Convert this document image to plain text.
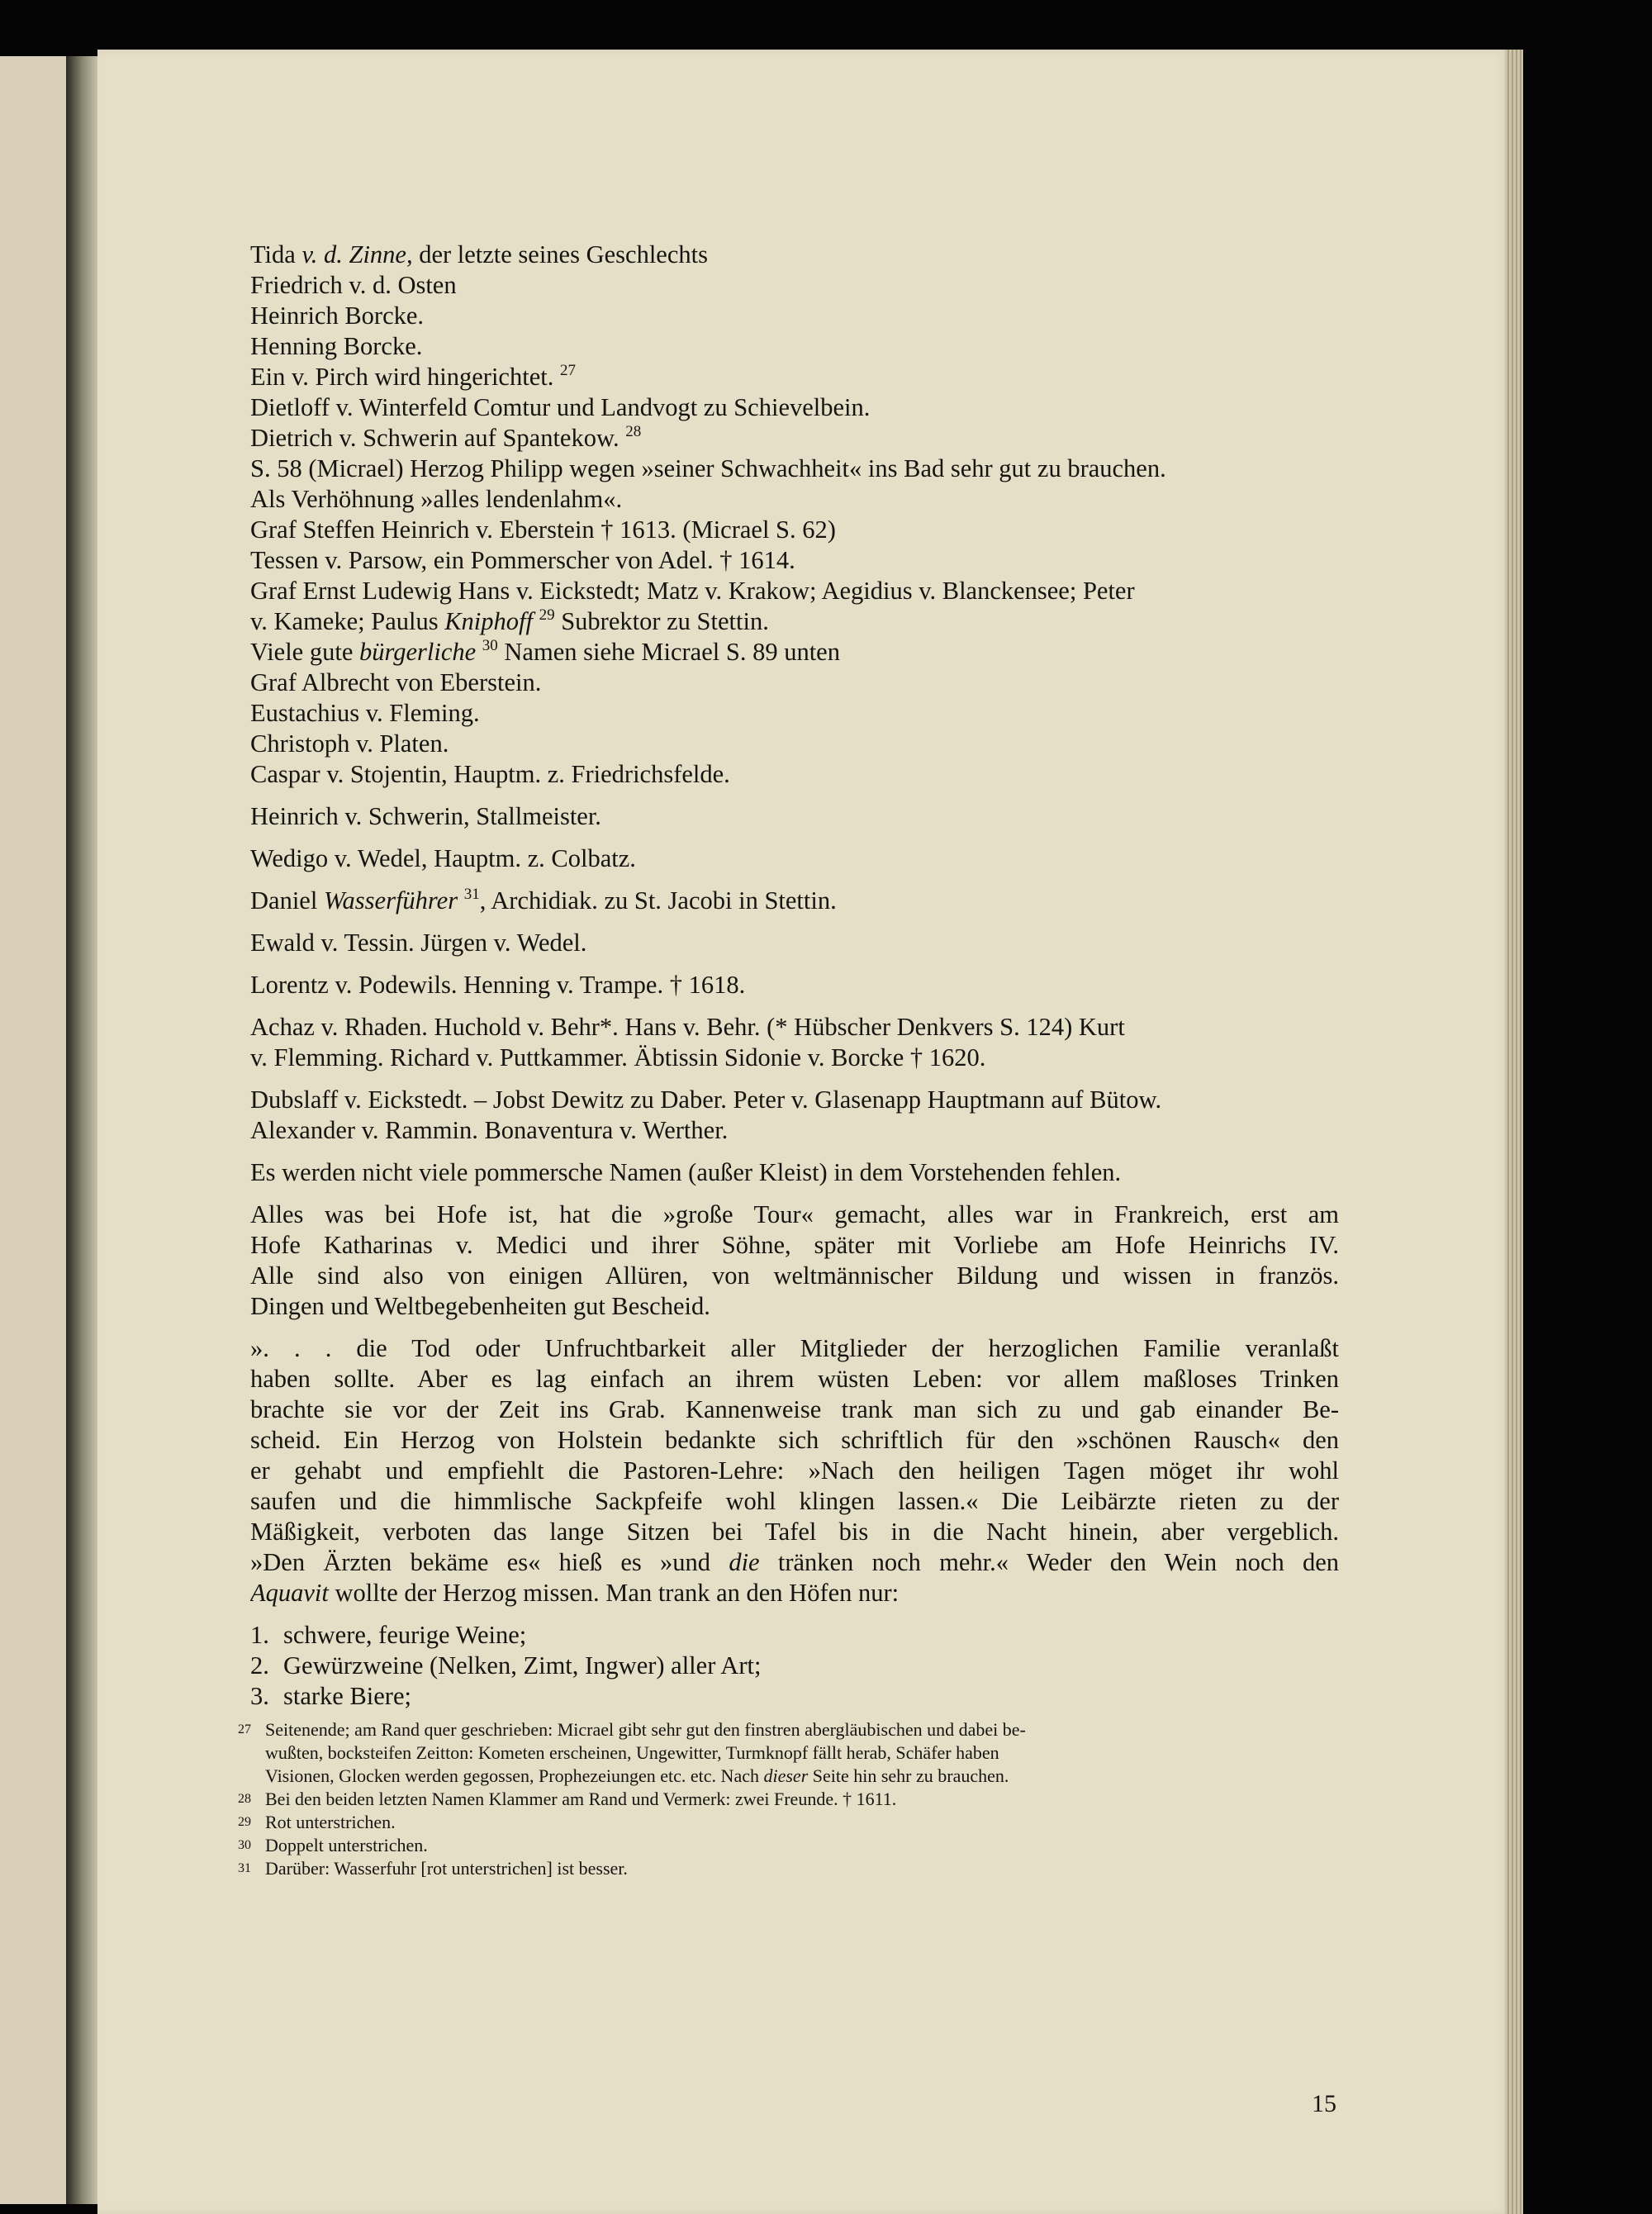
Tida v. d. Zinne, der letzte seines Geschlechts
Friedrich v. d. Osten
Heinrich Borcke.
Henning Borcke.
Ein v. Pirch wird hingerichtet. $^{27}$
Dietloff v. Winterfeld Comtur und Landvogt zu Schievelbein.
Dietrich v. Schwerin auf Spantekow. $^{28}$
S. 58 (Micrael) Herzog Philipp wegen »seiner Schwachheit« ins Bad sehr gut zu brauchen.
Als Verhöhnung »alles lendenlahm«.
Graf Steffen Heinrich v. Eberstein † 1613. (Micrael S. 62)
Tessen v. Parsow, ein Pommerscher von Adel. † 1614.
Graf Ernst Ludewig Hans v. Eickstedt; Matz v. Krakow; Aegidius v. Blanckensee; Peter
v. Kameke; Paulus Kniphoff $^{29}$ Subrektor zu Stettin.
Viele gute bürgerliche $^{30}$ Namen siehe Micrael S. 89 unten
Graf Albrecht von Eberstein.
Eustachius v. Fleming.
Christoph v. Platen.
Caspar v. Stojentin, Hauptm. z. Friedrichsfelde.
Heinrich v. Schwerin, Stallmeister.
Wedigo v. Wedel, Hauptm. z. Colbatz.
Daniel Wasserführer $^{31}$, Archidiak. zu St. Jacobi in Stettin.
Ewald v. Tessin. Jürgen v. Wedel.
Lorentz v. Podewils. Henning v. Trampe. † 1618.
Achaz v. Rhaden. Huchold v. Behr*. Hans v. Behr. (* Hübscher Denkvers S. 124) Kurt
v. Flemming. Richard v. Puttkammer. Äbtissin Sidonie v. Borcke † 1620.
Dubslaff v. Eickstedt. – Jobst Dewitz zu Daber. Peter v. Glasenapp Hauptmann auf Bütow.
Alexander v. Rammin. Bonaventura v. Werther.
Es werden nicht viele pommersche Namen (außer Kleist) in dem Vorstehenden fehlen.
Alles was bei Hofe ist, hat die »große Tour« gemacht, alles war in Frankreich, erst am
Hofe Katharinas v. Medici und ihrer Söhne, später mit Vorliebe am Hofe Heinrichs IV.
Alle sind also von einigen Allüren, von weltmännischer Bildung und wissen in französ.
Dingen und Weltbegebenheiten gut Bescheid.
». . . die Tod oder Unfruchtbarkeit aller Mitglieder der herzoglichen Familie veranlaßt
haben sollte. Aber es lag einfach an ihrem wüsten Leben: vor allem maßloses Trinken
brachte sie vor der Zeit ins Grab. Kannenweise trank man sich zu und gab einander Be-
scheid. Ein Herzog von Holstein bedankte sich schriftlich für den »schönen Rausch« den
er gehabt und empfiehlt die Pastoren-Lehre: »Nach den heiligen Tagen möget ihr wohl
saufen und die himmlische Sackpfeife wohl klingen lassen.« Die Leibärzte rieten zu der
Mäßigkeit, verboten das lange Sitzen bei Tafel bis in die Nacht hinein, aber vergeblich.
»Den Ärzten bekäme es« hieß es »und die tränken noch mehr.« Weder den Wein noch den
Aquavit wollte der Herzog missen. Man trank an den Höfen nur:
1. schwere, feurige Weine;
2. Gewürzweine (Nelken, Zimt, Ingwer) aller Art;
3. starke Biere;
27 Seitenende; am Rand quer geschrieben: Micrael gibt sehr gut den finstren abergläubischen und dabei be-
wußten, bocksteifen Zeitton: Kometen erscheinen, Ungewitter, Turmknopf fällt herab, Schäfer haben
Visionen, Glocken werden gegossen, Prophezeiungen etc. etc. Nach dieser Seite hin sehr zu brauchen.
28 Bei den beiden letzten Namen Klammer am Rand und Vermerk: zwei Freunde. † 1611.
29 Rot unterstrichen.
30 Doppelt unterstrichen.
31 Darüber: Wasserfuhr [rot unterstrichen] ist besser.
15
